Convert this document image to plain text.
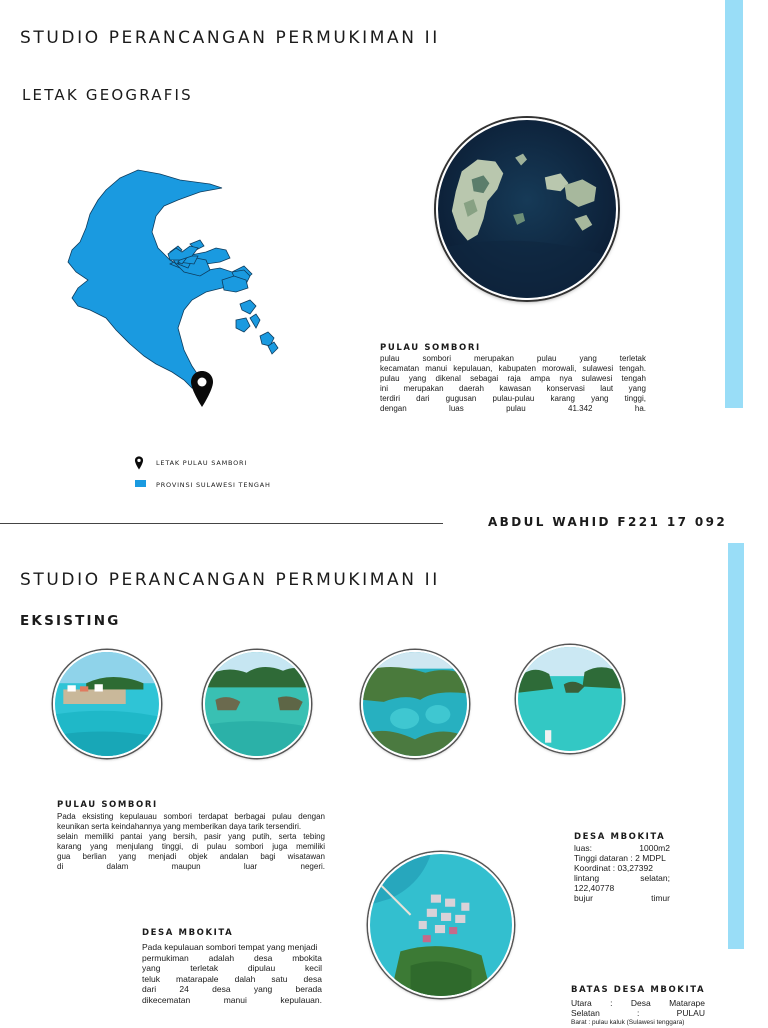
STUDIO PERANCANGAN PERMUKIMAN II
LETAK GEOGRAFIS
PULAU SOMBORI
pulau sombori merupakan pulau yang terletak
kecamatan manui kepulauan, kabupaten morowali, sulawesi tengah.
pulau yang dikenal sebagai raja ampa nya sulawesi tengah
ini merupakan daerah kawasan konservasi laut yang
terdiri dari gugusan pulau-pulau karang yang tinggi,
dengan luas pulau 41.342 ha.
LETAK PULAU SAMBORI
PROVINSI SULAWESI TENGAH
ABDUL WAHID F221 17 092
STUDIO PERANCANGAN PERMUKIMAN II
EKSISTING
PULAU SOMBORI
Pada eksisting kepulauau sombori terdapat berbagai pulau dengan
keunikan serta keindahannya yang memberikan daya tarik tersendiri.
selain memiliki pantai yang bersih, pasir yang putih, serta tebing
karang yang menjulang tinggi, di pulau sombori juga memiliki
gua berlian yang menjadi objek andalan bagi wisatawan
di dalam maupun luar negeri.
DESA MBOKITA
Pada kepulauan sombori tempat yang menjadi
permukiman adalah desa mbokita
yang terletak dipulau kecil
teluk matarapale dalah satu desa
dari 24 desa yang berada
dikecematan manui kepulauan.
DESA MBOKITA
luas: 1000m2
Tinggi dataran : 2 MDPL
Koordinat : 03,27392
lintang selatan;
122,40778
bujur timur
BATAS DESA MBOKITA
Utara : Desa Matarape
Selatan : PULAU
Barat : pulau kaluk (Sulawesi tenggara)
